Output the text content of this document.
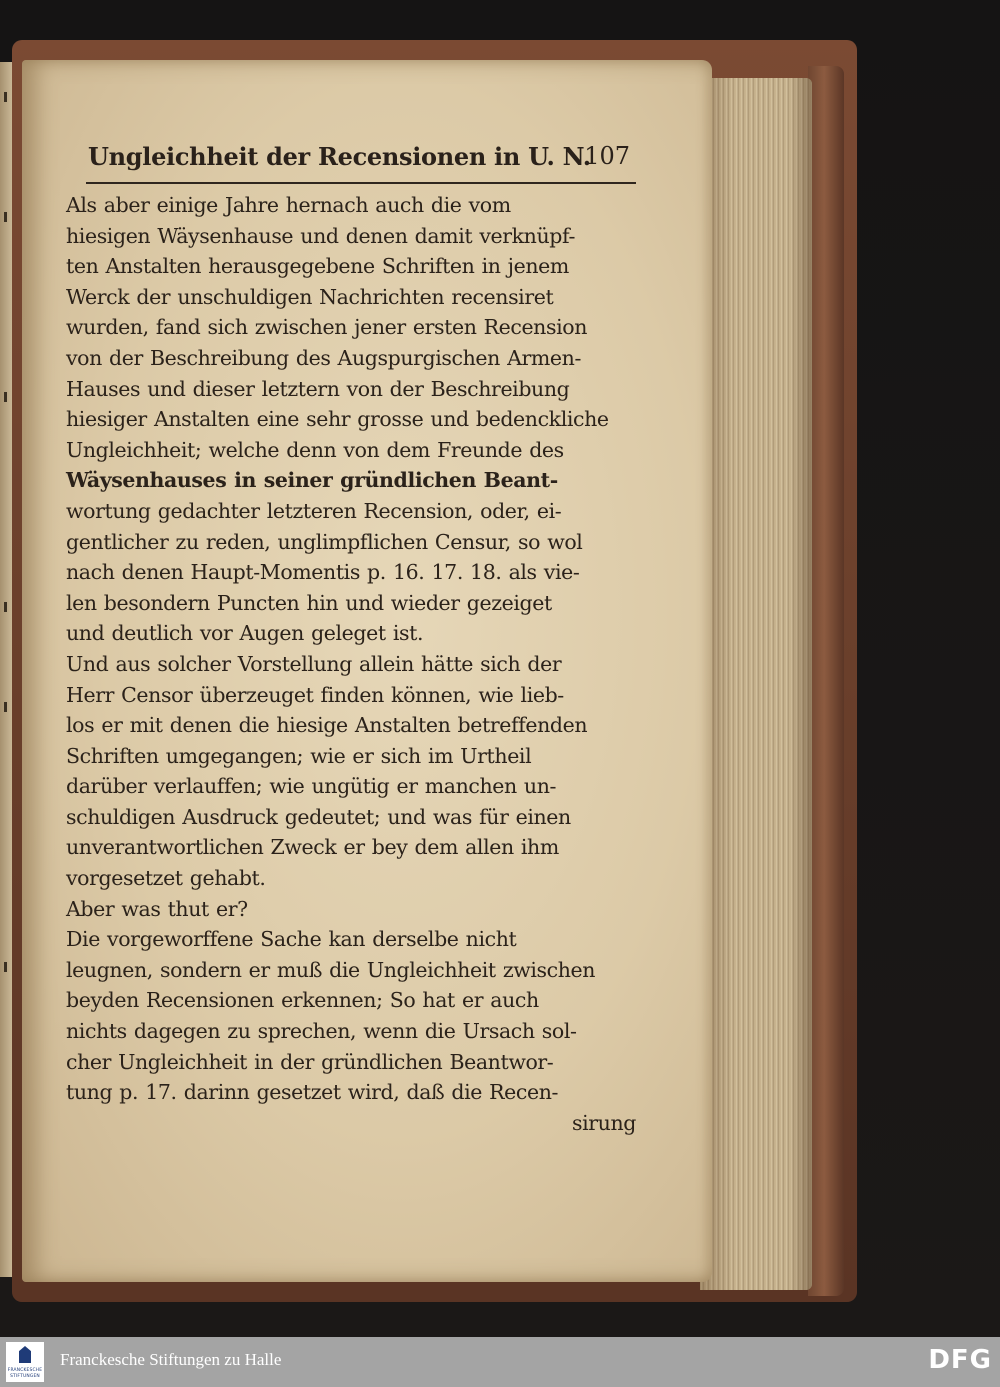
Ungleichheit der Recensionen in U. N.
107
Als aber einige Jahre hernach auch die vom
hiesigen Wäysenhause und denen damit verknüpf-
ten Anstalten herausgegebene Schriften in jenem
Werck der unschuldigen Nachrichten recensiret
wurden, fand sich zwischen jener ersten Recension
von der Beschreibung des Augspurgischen Armen-
Hauses und dieser letztern von der Beschreibung
hiesiger Anstalten eine sehr grosse und bedenckliche
Ungleichheit; welche denn von dem Freunde des
Wäysenhauses in seiner gründlichen Beant-
wortung gedachter letzteren Recension, oder, ei-
gentlicher zu reden, unglimpflichen Censur, so wol
nach denen Haupt-Momentis p. 16. 17. 18. als vie-
len besondern Puncten hin und wieder gezeiget
und deutlich vor Augen geleget ist.
Und aus solcher Vorstellung allein hätte sich der
Herr Censor überzeuget finden können, wie lieb-
los er mit denen die hiesige Anstalten betreffenden
Schriften umgegangen; wie er sich im Urtheil
darüber verlauffen; wie ungütig er manchen un-
schuldigen Ausdruck gedeutet; und was für einen
unverantwortlichen Zweck er bey dem allen ihm
vorgesetzet gehabt.
Aber was thut er?
Die vorgeworffene Sache kan derselbe nicht
leugnen, sondern er muß die Ungleichheit zwischen
beyden Recensionen erkennen; So hat er auch
nichts dagegen zu sprechen, wenn die Ursach sol-
cher Ungleichheit in der gründlichen Beantwor-
tung p. 17. darinn gesetzet wird, daß die Recen-
sirung
FRANCKESCHE
STIFTUNGEN
Franckesche Stiftungen zu Halle	DFG
